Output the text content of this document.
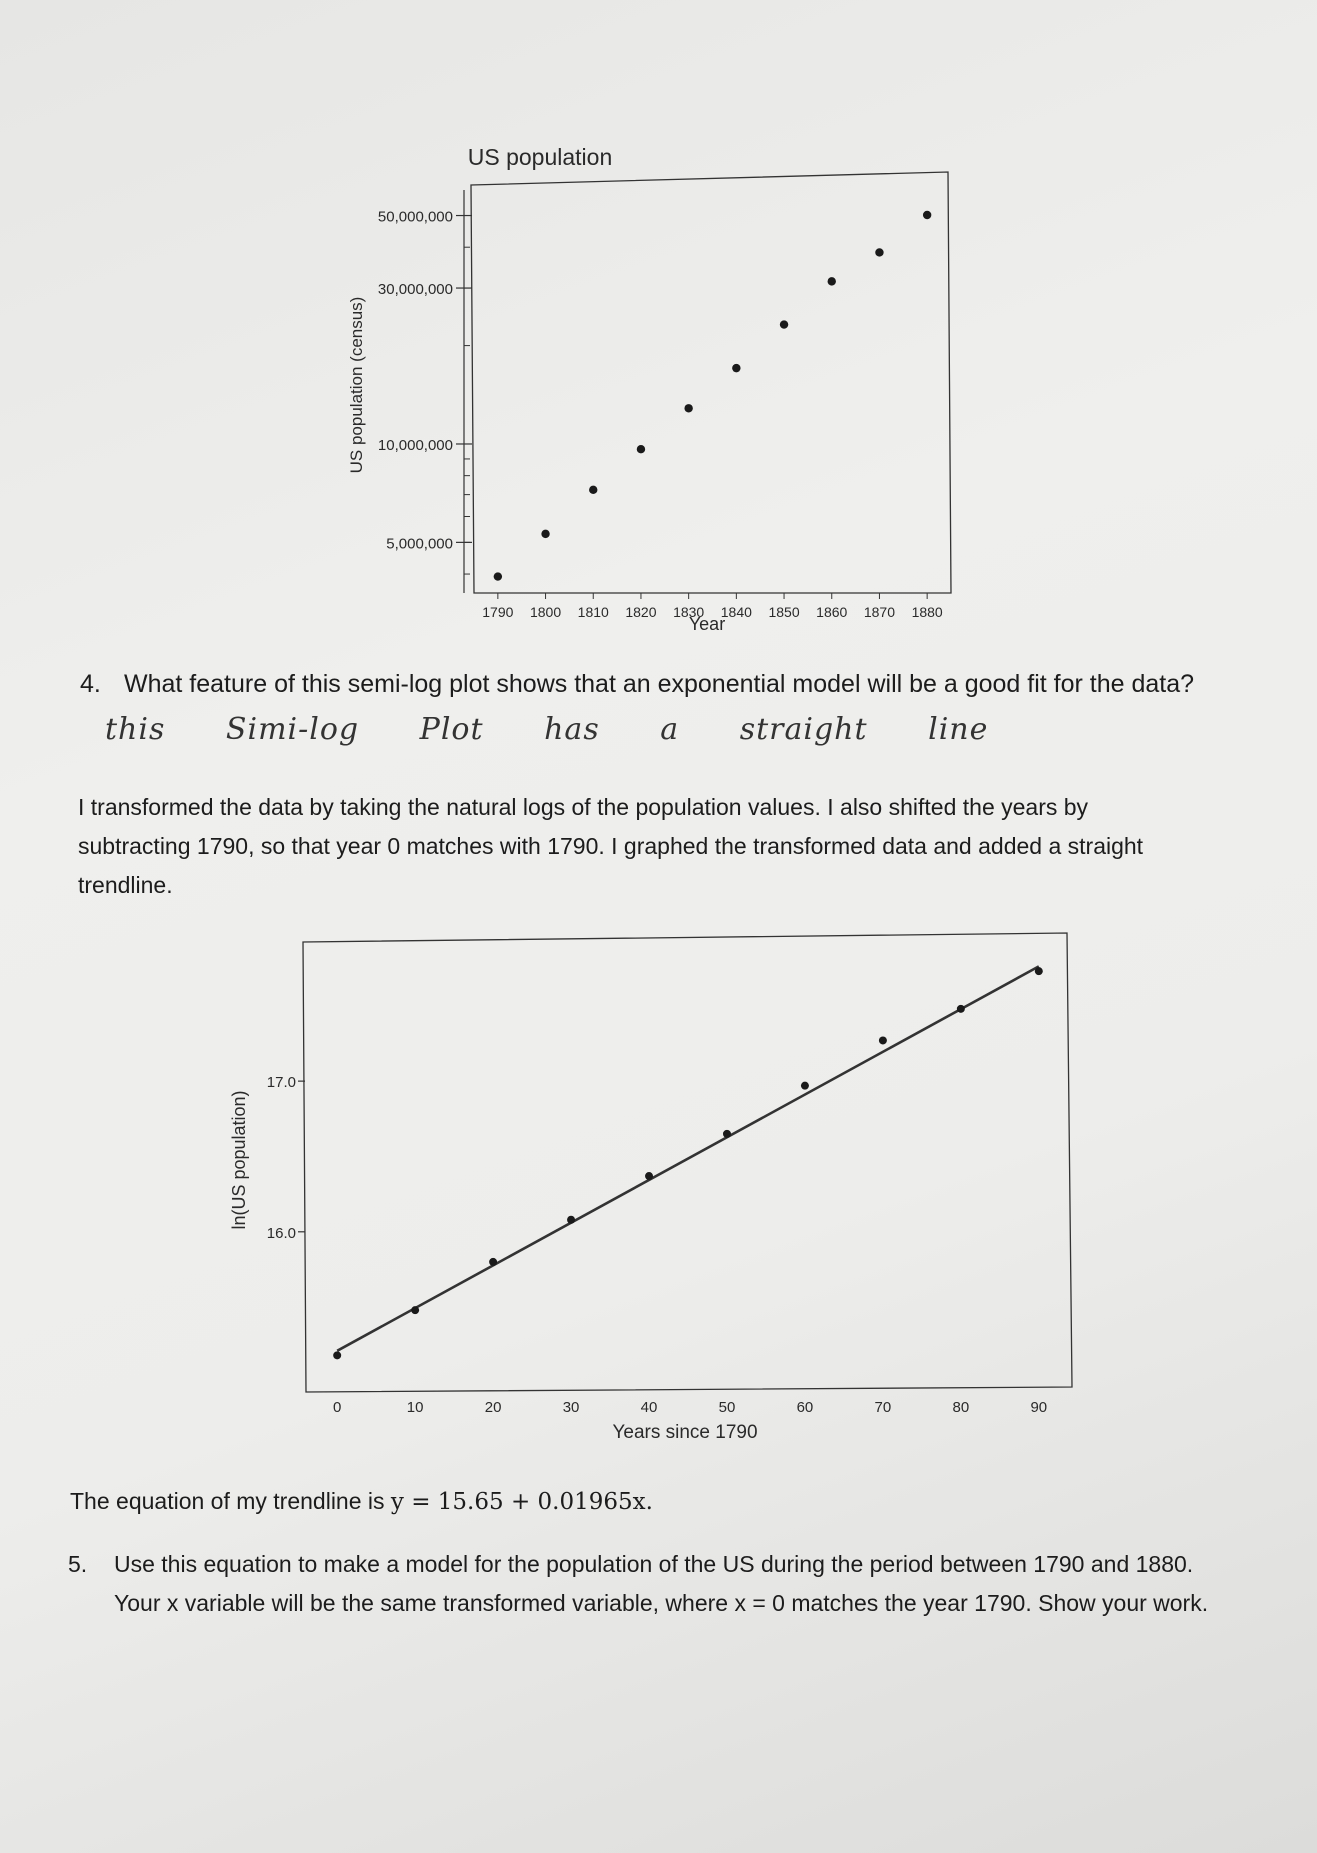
US population
US population (census)
Year
5,000,000
10,000,000
30,000,000
50,000,000
1790 1800 1810 1820 1830 1840 1850 1860 1870 1880
4. What feature of this semi-log plot shows that an exponential model will be a good fit for the data?
this Simi-log Plot has a straight line
I transformed the data by taking the natural logs of the population values. I also shifted the years by subtracting 1790, so that year 0 matches with 1790. I graphed the transformed data and added a straight trendline.
ln(US population)
Years since 1790
16.0
17.0
0	10	20	30	40	50	60	70	80	90
The equation of my trendline is y = 15.65 + 0.01965x.
5. Use this equation to make a model for the population of the US during the period between 1790 and 1880. Your x variable will be the same transformed variable, where x = 0 matches the year 1790. Show your work.
